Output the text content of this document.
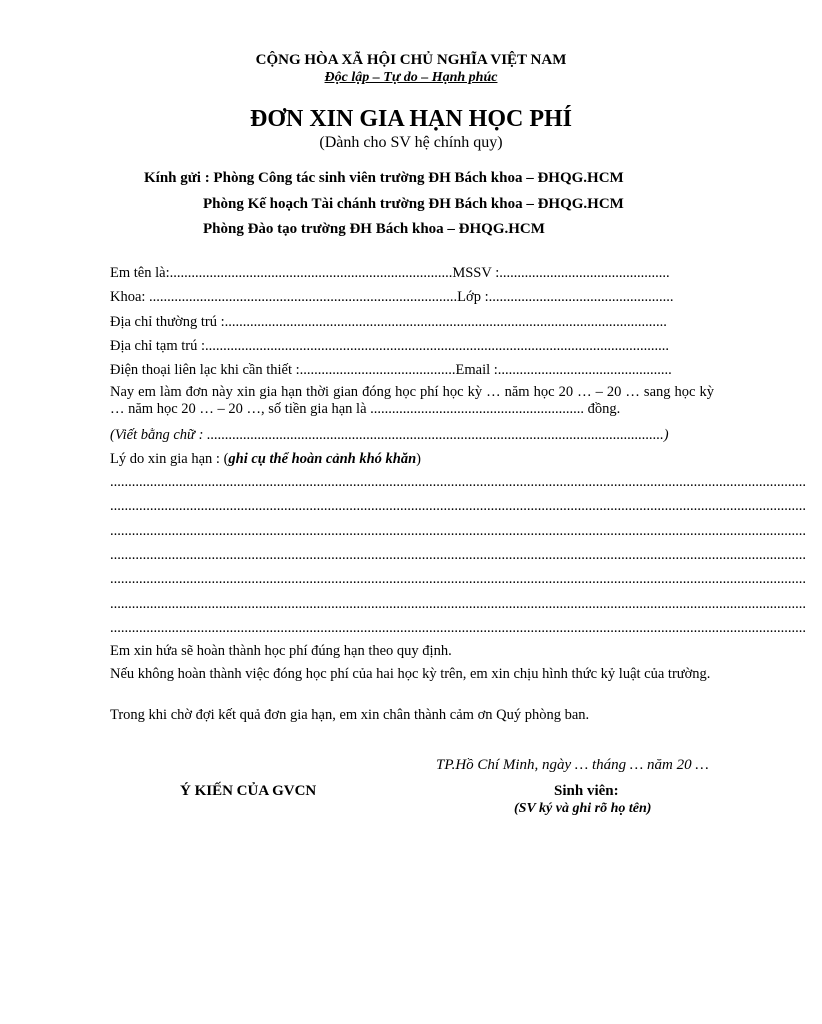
CỘNG HÒA XÃ HỘI CHỦ NGHĨA VIỆT NAM
Độc lập – Tự do – Hạnh phúc
ĐƠN XIN GIA HẠN HỌC PHÍ
(Dành cho SV hệ chính quy)
Kính gửi : Phòng Công tác sinh viên trường ĐH Bách khoa – ĐHQG.HCM
Phòng Kế hoạch Tài chánh trường ĐH Bách khoa – ĐHQG.HCM
Phòng Đào tạo trường ĐH Bách khoa – ĐHQG.HCM
Em tên là:..............................................................................MSSV :...............................................
Khoa: .....................................................................................Lớp :...................................................
Địa chỉ thường trú :..........................................................................................................................
Địa chỉ tạm trú :................................................................................................................................
Điện thoại liên lạc khi cần thiết :...........................................Email :................................................
Nay em làm đơn này xin gia hạn thời gian đóng học phí học kỳ … năm học 20 … – 20 … sang học kỳ … năm học 20 … – 20 …, số tiền gia hạn là ........................................................... đồng.
(Viết bằng chữ : ..............................................................................................................................)
Lý do xin gia hạn : (ghi cụ thể hoàn cảnh khó khăn)
................................................................................................................................................................................................
................................................................................................................................................................................................
................................................................................................................................................................................................
................................................................................................................................................................................................
................................................................................................................................................................................................
................................................................................................................................................................................................
................................................................................................................................................................................................
Em xin hứa sẽ hoàn thành học phí đúng hạn theo quy định.
Nếu không hoàn thành việc đóng học phí của hai học kỳ trên, em xin chịu hình thức kỷ luật của trường.
Trong khi chờ đợi kết quả đơn gia hạn, em xin chân thành cảm ơn Quý phòng ban.
TP.Hồ Chí Minh, ngày … tháng … năm 20 …
Ý KIẾN CỦA GVCN	Sinh viên:
(SV ký và ghi rõ họ tên)
